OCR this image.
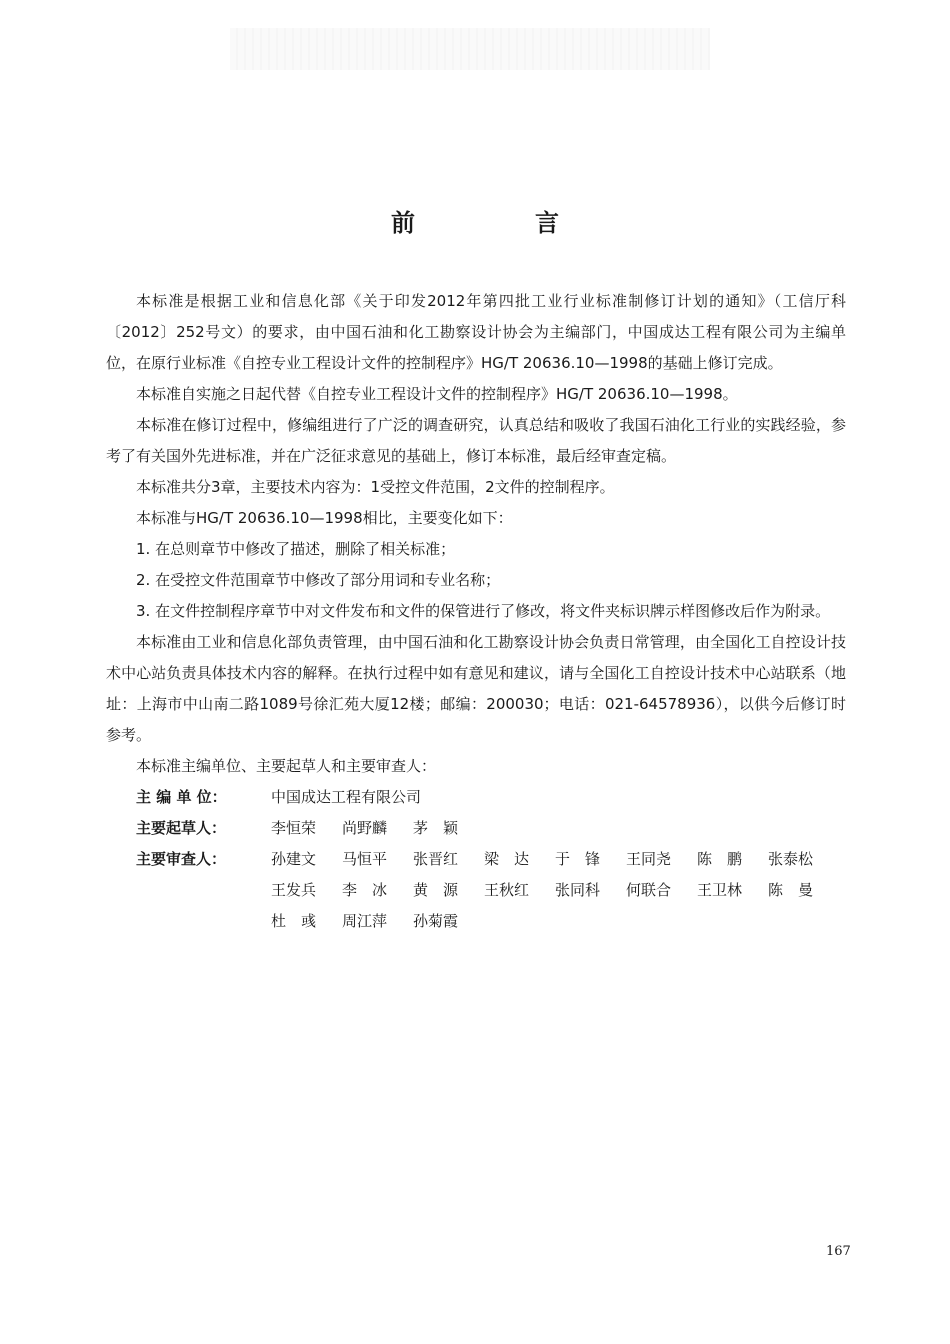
前　言

本标准是根据工业和信息化部《关于印发2012年第四批工业行业标准制修订计划的通知》（工信厅科〔2012〕252号文）的要求，由中国石油和化工勘察设计协会为主编部门，中国成达工程有限公司为主编单位，在原行业标准《自控专业工程设计文件的控制程序》HG/T 20636.10—1998的基础上修订完成。

本标准自实施之日起代替《自控专业工程设计文件的控制程序》HG/T 20636.10—1998。

本标准在修订过程中，修编组进行了广泛的调查研究，认真总结和吸收了我国石油化工行业的实践经验，参考了有关国外先进标准，并在广泛征求意见的基础上，修订本标准，最后经审查定稿。

本标准共分3章，主要技术内容为：1受控文件范围，2文件的控制程序。

本标准与HG/T 20636.10—1998相比，主要变化如下：

1. 在总则章节中修改了描述，删除了相关标准；

2. 在受控文件范围章节中修改了部分用词和专业名称；

3. 在文件控制程序章节中对文件发布和文件的保管进行了修改，将文件夹标识牌示样图修改后作为附录。

本标准由工业和信息化部负责管理，由中国石油和化工勘察设计协会负责日常管理，由全国化工自控设计技术中心站负责具体技术内容的解释。在执行过程中如有意见和建议，请与全国化工自控设计技术中心站联系（地址：上海市中山南二路1089号徐汇苑大厦12楼；邮编：200030；电话：021-64578936），以供今后修订时参考。

本标准主编单位、主要起草人和主要审查人：

主 编 单 位：	中国成达工程有限公司
主要起草人：	李恒荣	尚野麟	茅　颖
主要审查人：	孙建文	马恒平	张晋红	梁　达	于　锋	王同尧	陈　鹏	张泰松
王发兵	李　冰	黄　源	王秋红	张同科	何联合	王卫林	陈　曼
杜　彧	周江萍	孙菊霞
167
